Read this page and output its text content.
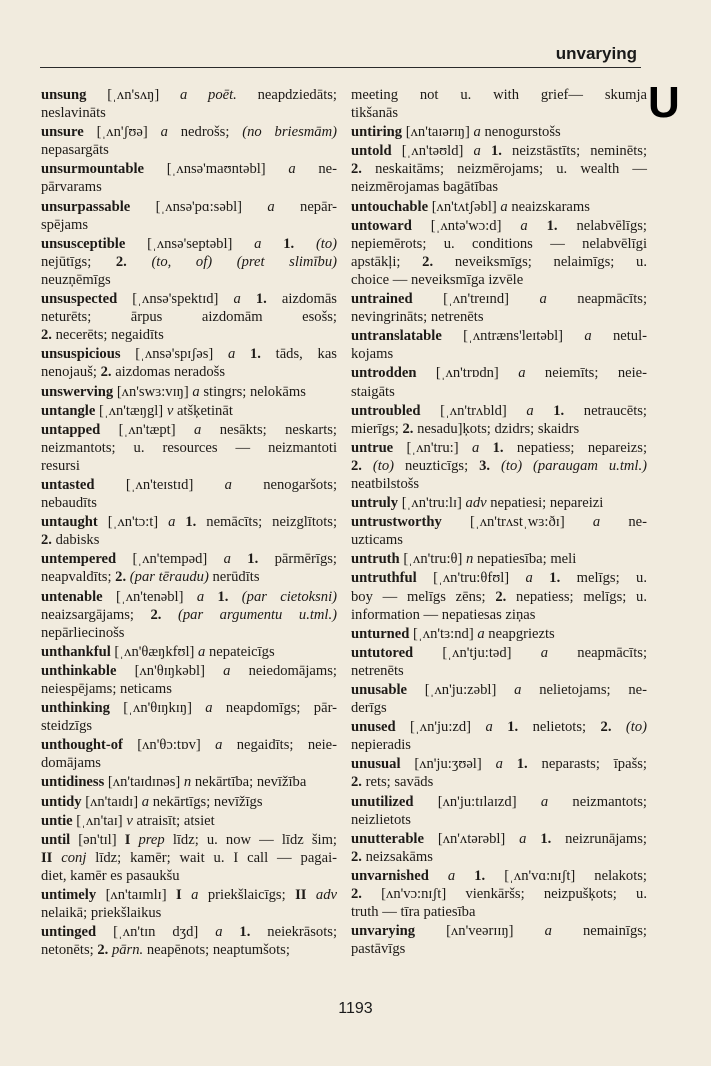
unvarying
U
unsung [ˌʌn'sʌŋ] a poēt. neapdziedāts;
neslavināts
unsure [ˌʌn'ʃʊə] a nedrošs; (no briesmām)
nepasargāts
unsurmountable [ˌʌnsə'maʊntəbl] a ne-
pārvarams
unsurpassable [ˌʌnsə'pɑ:səbl] a nepār-
spējams
unsusceptible [ˌʌnsə'septəbl] a 1. (to)
nejūtīgs; 2. (to, of) (pret slimību)
neuzņēmīgs
unsuspected [ˌʌnsə'spektɪd] a 1. aizdomās
neturēts; ārpus aizdomām esošs;
2. necerēts; negaidīts
unsuspicious [ˌʌnsə'spɪʃəs] a 1. tāds, kas
nenojauš; 2. aizdomas neradošs
unswerving [ʌn'swɜ:vɪŋ] a stingrs; nelokāms
untangle [ˌʌn'tæŋgl] v atšķetināt
untapped [ˌʌn'tæpt] a nesākts; neskarts;
neizmantots; u. resources — neizmantoti
resursi
untasted [ˌʌn'teɪstɪd] a nenogaršots;
nebaudīts
untaught [ˌʌn'tɔ:t] a 1. nemācīts; neizglītots;
2. dabisks
untempered [ˌʌn'tempəd] a 1. pārmērīgs;
neapvaldīts; 2. (par tēraudu) nerūdīts
untenable [ˌʌn'tenəbl] a 1. (par cietoksni)
neaizsargājams; 2. (par argumentu u.tml.)
nepārliecinošs
unthankful [ˌʌn'θæŋkfʊl] a nepateicīgs
unthinkable [ʌn'θɪŋkəbl] a neiedomājams;
neiespējams; neticams
unthinking [ˌʌn'θɪŋkɪŋ] a neapdomīgs; pār-
steidzīgs
unthought-of [ʌn'θɔ:tɒv] a negaidīts; neie-
domājams
untidiness [ʌn'taɪdɪnəs] n nekārtība; nevīžība
untidy [ʌn'taɪdɪ] a nekārtīgs; nevīžīgs
untie [ˌʌn'taɪ] v atraisīt; atsiet
until [ən'tɪl] I prep līdz; u. now — līdz šim;
II conj līdz; kamēr; wait u. I call — pagai-
diet, kamēr es pasaukšu
untimely [ʌn'taɪmlɪ] I a priekšlaicīgs; II adv
nelaikā; priekšlaikus
untinged [ˌʌn'tɪn dʒd] a 1. neiekrāsots;
netonēts; 2. pārn. neapēnots; neaptumšots;
meeting not u. with grief— skumja
tikšanās
untiring [ʌn'taɪərɪŋ] a nenogurstošs
untold [ˌʌn'təʊld] a 1. neizstāstīts; neminēts;
2. neskaitāms; neizmērojams; u. wealth —
neizmērojamas bagātības
untouchable [ʌn'tʌtʃəbl] a neaizskarams
untoward [ˌʌntə'wɔ:d] a 1. nelabvēlīgs;
nepiemērots; u. conditions — nelabvēlīgi
apstākļi; 2. neveiksmīgs; nelaimīgs; u.
choice — neveiksmīga izvēle
untrained [ˌʌn'treɪnd] a neapmācīts;
nevingrināts; netrenēts
untranslatable [ˌʌntræns'leɪtəbl] a netul-
kojams
untrodden [ˌʌn'trɒdn] a neiemīts; neie-
staigāts
untroubled [ˌʌn'trʌbld] a 1. netraucēts;
mierīgs; 2. nesadu]ķots; dzidrs; skaidrs
untrue [ˌʌn'tru:] a 1. nepatiess; nepareizs;
2. (to) neuzticīgs; 3. (to) (paraugam u.tml.)
neatbilstošs
untruly [ˌʌn'tru:lɪ] adv nepatiesi; nepareizi
untrustworthy [ˌʌn'trʌstˌwɜ:ðɪ] a ne-
uzticams
untruth [ˌʌn'tru:θ] n nepatiesība; meli
untruthful [ˌʌn'tru:θfʊl] a 1. melīgs; u.
boy — melīgs zēns; 2. nepatiess; melīgs; u.
information — nepatiesas ziņas
unturned [ˌʌn'tɜ:nd] a neapgriezts
untutored [ˌʌn'tju:təd] a neapmācīts;
netrenēts
unusable [ˌʌn'ju:zəbl] a nelietojams; ne-
derīgs
unused [ˌʌn'ju:zd] a 1. nelietots; 2. (to)
nepieradis
unusual [ʌn'ju:ʒʊəl] a 1. neparasts; īpašs;
2. rets; savāds
unutilized [ʌn'ju:tɪlaɪzd] a neizmantots;
neizlietots
unutterable [ʌn'ʌtərəbl] a 1. neizrunājams;
2. neizsakāms
unvarnished a 1. [ˌʌn'vɑ:nɪʃt] nelakots;
2. [ʌn'vɔ:nɪʃt] vienkāršs; neizpušķots; u.
truth — tīra patiesība
unvarying [ʌn'veərɪɪŋ] a nemainīgs;
pastāvīgs
1193
